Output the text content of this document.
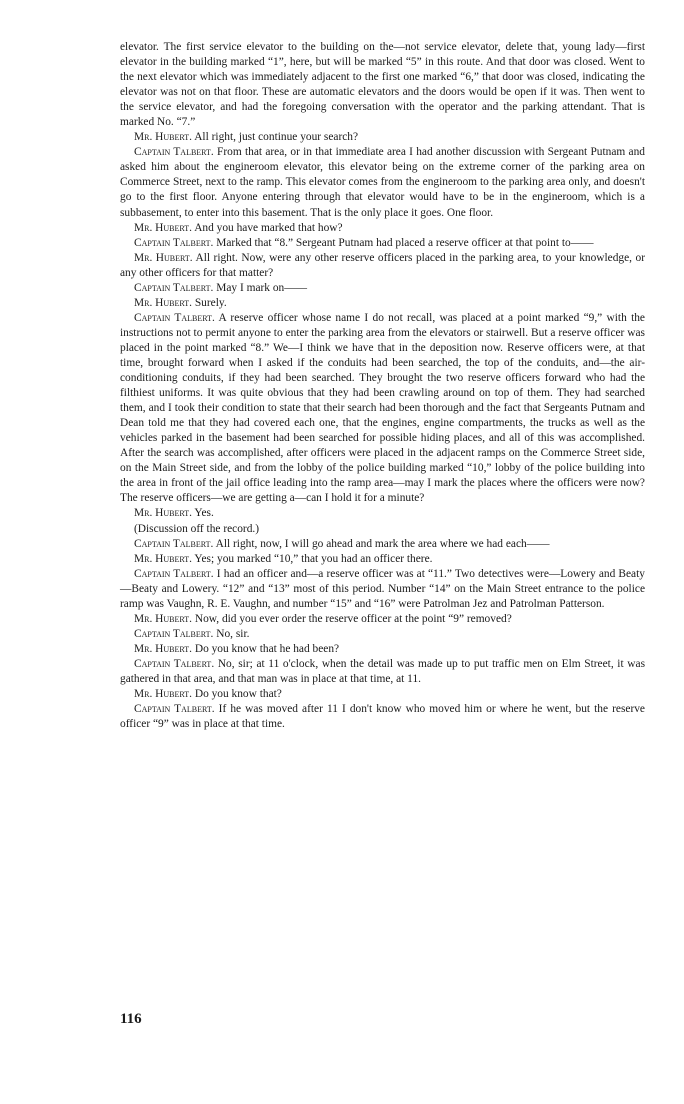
elevator. The first service elevator to the building on the—not service elevator, delete that, young lady—first elevator in the building marked “1”, here, but will be marked “5” in this route. And that door was closed. Went to the next elevator which was immediately adjacent to the first one marked “6,” that door was closed, indicating the elevator was not on that floor. These are automatic elevators and the doors would be open if it was. Then went to the service elevator, and had the foregoing conversation with the operator and the parking attendant. That is marked No. “7.”

Mr. Hubert. All right, just continue your search?

Captain Talbert. From that area, or in that immediate area I had another discussion with Sergeant Putnam and asked him about the engineroom elevator, this elevator being on the extreme corner of the parking area on Commerce Street, next to the ramp. This elevator comes from the engineroom to the parking area only, and doesn't go to the first floor. Anyone entering through that elevator would have to be in the engineroom, which is a subbasement, to enter into this basement. That is the only place it goes. One floor.

Mr. Hubert. And you have marked that how?

Captain Talbert. Marked that “8.” Sergeant Putnam had placed a reserve officer at that point to——

Mr. Hubert. All right. Now, were any other reserve officers placed in the parking area, to your knowledge, or any other officers for that matter?

Captain Talbert. May I mark on——

Mr. Hubert. Surely.

Captain Talbert. A reserve officer whose name I do not recall, was placed at a point marked “9,” with the instructions not to permit anyone to enter the parking area from the elevators or stairwell. But a reserve officer was placed in the point marked “8.” We—I think we have that in the deposition now. Reserve officers were, at that time, brought forward when I asked if the conduits had been searched, the top of the conduits, and—the air-conditioning conduits, if they had been searched. They brought the two reserve officers forward who had the filthiest uniforms. It was quite obvious that they had been crawling around on top of them. They had searched them, and I took their condition to state that their search had been thorough and the fact that Sergeants Putnam and Dean told me that they had covered each one, that the engines, engine compartments, the trucks as well as the vehicles parked in the basement had been searched for possible hiding places, and all of this was accomplished. After the search was accomplished, after officers were placed in the adjacent ramps on the Commerce Street side, on the Main Street side, and from the lobby of the police building marked “10,” lobby of the police building into the area in front of the jail office leading into the ramp area—may I mark the places where the officers were now? The reserve officers—we are getting a—can I hold it for a minute?

Mr. Hubert. Yes.

(Discussion off the record.)

Captain Talbert. All right, now, I will go ahead and mark the area where we had each——

Mr. Hubert. Yes; you marked “10,” that you had an officer there.

Captain Talbert. I had an officer and—a reserve officer was at “11.” Two detectives were—Lowery and Beaty—Beaty and Lowery. “12” and “13” most of this period. Number “14” on the Main Street entrance to the police ramp was Vaughn, R. E. Vaughn, and number “15” and “16” were Patrolman Jez and Patrolman Patterson.

Mr. Hubert. Now, did you ever order the reserve officer at the point “9” removed?

Captain Talbert. No, sir.

Mr. Hubert. Do you know that he had been?

Captain Talbert. No, sir; at 11 o'clock, when the detail was made up to put traffic men on Elm Street, it was gathered in that area, and that man was in place at that time, at 11.

Mr. Hubert. Do you know that?

Captain Talbert. If he was moved after 11 I don't know who moved him or where he went, but the reserve officer “9” was in place at that time.

116
